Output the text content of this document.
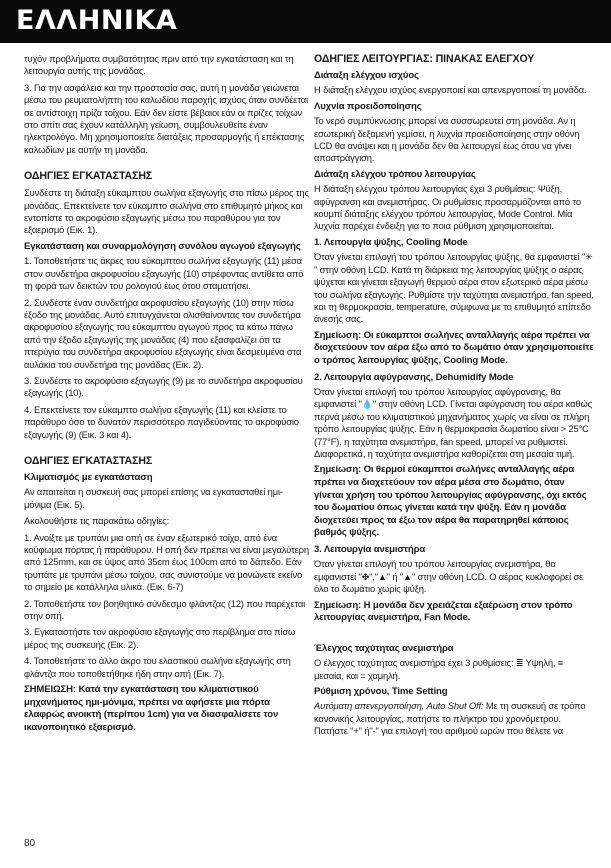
ΕΛΛΗΝΙΚΑ

τυχόν προβλήματα συμβατότητας πριν από την εγκατάσταση και τη λειτουργία αυτής της μονάδας.

3. Για την ασφάλεια και την προστασία σας, αυτή η μονάδα γειώνεται μέσω του ρευματολήπτη του καλωδίου παροχής ισχύος όταν συνδέεται σε αντίστοιχη πρίζα τοίχου. Εάν δεν είστε βέβαιοι εάν οι πρίζες τοίχων στο σπίτι σας έχουν κατάλληλη γείωση, συμβουλευθείτε έναν ηλεκτρολόγο. Μη χρησιμοποιείτε διατάξεις προσαρμογής ή επέκτασης καλωδίων με αυτήν τη μονάδα.

ΟΔΗΓΙΕΣ ΕΓΚΑΤΑΣΤΑΣΗΣ

Συνδέστε τη διάταξη εύκαμπτου σωλήνα εξαγωγής στο πίσω μέρος της μονάδας. Επεκτείνετε τον εύκαμπτο σωλήνα στο επιθυμητό μήκος και εντοπίστε το ακροφύσιο εξαγωγής μέσω του παραθύρου για τον εξαερισμό (Εικ. 1).

Εγκατάσταση και συναρμολόγηση συνόλου αγωγού εξαγωγής

1. Τοποθετήστε τις άκρες του εύκαμπτου σωλήνα εξαγωγής (11) μέσα στον συνδετήρα ακροφυσίου εξαγωγής (10) στρέφοντας αντίθετα από τη φορά των δεικτών του ρολογιού έως ότου σταματήσει.

2. Συνδέστε έναν συνδετήρα ακροφυσίου εξαγωγής (10) στην πίσω έξοδο της μονάδας. Αυτό επιτυγχάνεται ολισθαίνοντας τον συνδετήρα ακροφυσίου εξαγωγής του εύκαμπτου αγωγού προς τα κάτω πάνω από την έξοδο εξαγωγής της μονάδας (4) που εξασφαλίζει ότι τα πτερύγια του συνδετήρα ακροφυσίου εξαγωγής είναι δεσμευμένα στα αυλάκια του συνδετήρα της μονάδας (Εικ. 2).

3. Συνδέστε το ακροφύσιο εξαγωγής (9) με το συνδετήρα ακροφυσίου εξαγωγής (10).

4. Επεκτείνετε τον εύκαμπτο σωλήνα εξαγωγής (11) και κλείστε το παράθυρο όσο το δυνατόν περισσότερο παγιδεύοντας το ακροφύσιο εξαγωγής (9) (Εικ. 3 και 4).

ΟΔΗΓΙΕΣ ΕΓΚΑΤΑΣΤΑΣΗΣ
Κλιματισμός με εγκατάσταση

Αν απαιτείται η συσκευή σας μπορεί επίσης να εγκατασταθεί ημι-μόνιμα (Εικ. 5).

Ακολουθήστε τις παρακάτω οδηγίες:

1. Ανοίξτε με τρυπάνι μια οπή σε έναν εξωτερικό τοίχο, από ένα κούφωμα πόρτας ή παράθυρου. Η οπή δεν πρέπει να είναι μεγαλύτερη από 125mm, και σε ύψος από 35cm έως 100cm από το δάπεδο. Εάν τρυπάτε με τρυπάνι μέσω τοίχου, σας συνιστούμε να μονώνετε εκείνο το σημείο με κατάλληλα υλικά. (Εικ. 6-7)

2. Τοποθετήστε τον βοηθητικό σύνδεσμο φλάντζας (12) που παρέχεται στην οπή.

3. Εγκαταστήστε τον ακροφύσιο εξαγωγής στο περίβλημα στο πίσω μέρος της συσκευής (Εικ. 2).

4. Τοποθετήστε το άλλο άκρο του ελαστικού σωλήνα εξαγωγής στη φλάντζα που τοποθετήθηκε ήδη στην οπή (Εικ. 7).

ΣΗΜΕΙΩΣΗ: Κατά την εγκατάσταση του κλιματιστικού μηχανήματος ημι-μόνιμα, πρέπει να αφήσετε μια πόρτα ελαφρώς ανοικτή (περίπου 1cm) για να διασφαλίσετε τον ικανοποιητικό εξαερισμό.

ΟΔΗΓΙΕΣ ΛΕΙΤΟΥΡΓΙΑΣ: ΠΙΝΑΚΑΣ ΕΛΕΓΧΟΥ
Διάταξη ελέγχου ισχύος

Η διάταξη ελέγχου ισχύος ενεργοποιεί και απενεργοποιεί τη μονάδα.

Λυχνία προειδοποίησης

Το νερό συμπύκνωσης μπορεί να συσσωρευτεί στη μονάδα. Αν η εσωτερική δεξαμενή γεμίσει, η λυχνία προειδοποίησης στην οθόνη LCD θα ανάψει και η μονάδα δεν θα λειτουργεί έως ότου να γίνει αποστράγγιση.

Διάταξη ελέγχου τρόπου λειτουργίας

Η διάταξη ελέγχου τρόπου λειτουργίας έχει 3 ρυθμίσεις: Ψύξη, αφύγρανση και ανεμιστήρας. Οι ρυθμίσεις προσαρμόζονται από το κουμπί διάταξης ελέγχου τρόπου λειτουργίας, Mode Control. Μία λυχνία παρέχει ένδειξη για το ποια ρύθμιση χρησιμοποιείται.

1. Λειτουργία ψύξης, Cooling Mode

Όταν γίνεται επιλογή του τρόπου λειτουργίας ψύξης, θα εμφανιστεί "✳" στην οθόνη LCD. Κατά τη διάρκεια της λειτουργίας ψύξης ο αέρας ψύχεται και γίνεται εξαγωγή θερμού αέρα στον εξωτερικό αέρα μέσω του σωλήνα εξαγωγής. Ρυθμίστε την ταχύτητα ανεμιστήρα, fan speed, και τη θερμοκρασία, temperature, σύμφωνα με το επιθυμητό επίπεδο άνεσής σας.

Σημείωση: Οι εύκαμπτοι σωλήνες ανταλλαγής αέρα πρέπει να διοχετεύουν τον αέρα έξω από το δωμάτιο όταν χρησιμοποιείτε ο τρόπος λειτουργίας ψύξης, Cooling Mode.

2. Λειτουργία αφύγρανσης, Dehumidify Mode

Όταν γίνεται επιλογή του τρόπου λειτουργίας αφύγρανσης, θα εμφανιστεί "💧" στην οθόνη LCD. Γίνεται αφύγρανση του αέρα καθώς περνά μέσω του κλιματιστικού μηχανήματος χωρίς να είναι σε πλήρη τρόπο λειτουργίας ψύξης. Εάν η θερμοκρασία δωματίου είναι > 25°C (77°F), η ταχύτητα ανεμιστήρα, fan speed, μπορεί να ρυθμιστεί. Διαφορετικά, η ταχύτητα ανεμιστήρα καθορίζεται στη μεσαία τιμή.

Σημείωση: Οι θερμοί εύκαμπτοι σωλήνες ανταλλαγής αέρα πρέπει να διοχετεύουν τον αέρα μέσα στο δωμάτιο, όταν γίνεται χρήση του τρόπου λειτουργίας αφύγρανσης, όχι εκτός του δωματίου όπως γίνεται κατά την ψύξη. Εάν η μονάδα διοχετεύει προς τα έξω τον αέρα θα παρατηρηθεί κάποιος βαθμός ψύξης.

3. Λειτουργία ανεμιστήρα

Όταν γίνεται επιλογή του τρόπου λειτουργίας ανεμιστήρα, θα εμφανιστεί "✤","▲" ή "▲" στην οθόνη LCD. Ο αέρας κυκλοφορεί σε όλο το δωμάτιο χωρίς ψύξη.

Σημείωση: Η μονάδα δεν χρειάζεται εξαέρωση στον τρόπο λειτουργίας ανεμιστήρα, Fan Mode.

Έλεγχος ταχύτητας ανεμιστήρα

Ο έλεγχος ταχύτητας ανεμιστήρα έχει 3 ρυθμίσεις: ≣ Υψηλή, ≡ μεσαία, και = χαμηλή.

Ρύθμιση χρόνου, Time Setting

Αυτόματη απενεργοποίηση, Auto Shut Off: Με τη συσκευή σε τρόπο κανονικής λειτουργίας, πατήστε το πλήκτρο του χρονόμετρου. Πατήστε "+" ή"-" για επιλογή του αριθμού ωρών που θέλετε να

80
